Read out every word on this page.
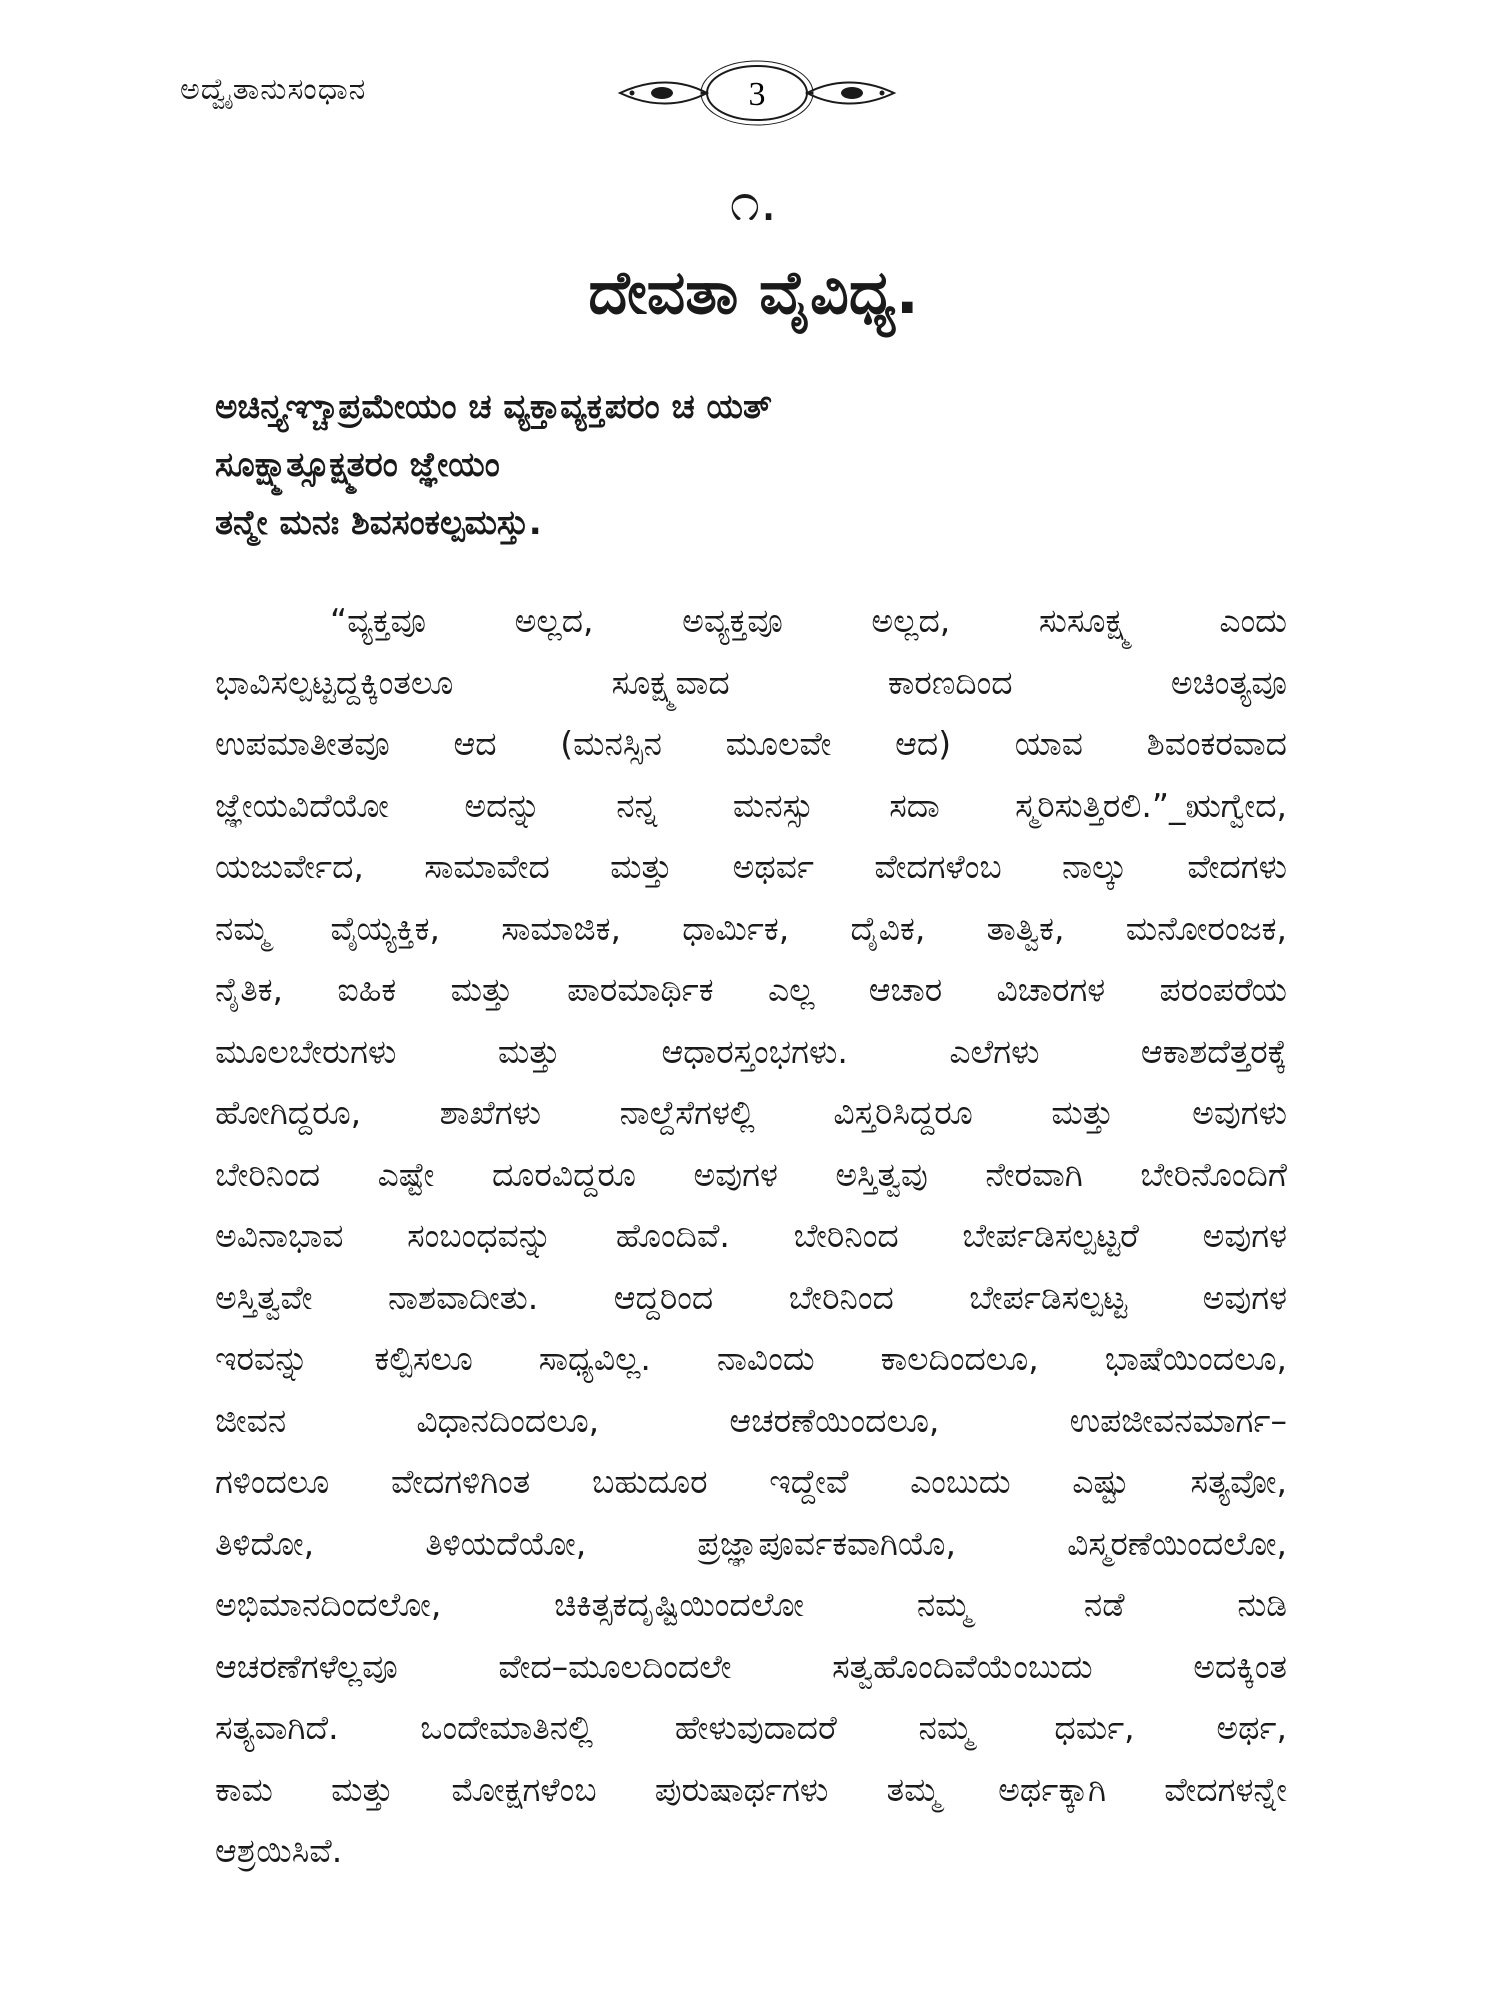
ಅದ್ವೈತಾನುಸಂಧಾನ	3
೧.
ದೇವತಾ ವೈವಿಧ್ಯ.
ಅಚಿನ್ತ್ಯಞ್ಚಾಪ್ರಮೇಯಂ ಚ ವ್ಯಕ್ತಾವ್ಯಕ್ತಪರಂ ಚ ಯತ್
ಸೂಕ್ಷ್ಮಾತ್ಸೂಕ್ಷ್ಮತರಂ ಜ್ಞೇಯಂ
ತನ್ಮೇ ಮನಃ ಶಿವಸಂಕಲ್ಪಮಸ್ತು.
“ವ್ಯಕ್ತವೂ ಅಲ್ಲದ, ಅವ್ಯಕ್ತವೂ ಅಲ್ಲದ, ಸುಸೂಕ್ಷ್ಮ ಎಂದು
ಭಾವಿಸಲ್ಪಟ್ಟದ್ದಕ್ಕಿಂತಲೂ ಸೂಕ್ಷ್ಮವಾದ ಕಾರಣದಿಂದ ಅಚಿಂತ್ಯವೂ
ಉಪಮಾತೀತವೂ ಆದ (ಮನಸ್ಸಿನ ಮೂಲವೇ ಆದ) ಯಾವ ಶಿವಂಕರವಾದ
ಜ್ಞೇಯವಿದೆಯೋ ಅದನ್ನು ನನ್ನ ಮನಸ್ಸು ಸದಾ ಸ್ಮರಿಸುತ್ತಿರಲಿ.”_ಋಗ್ವೇದ,
ಯಜುರ್ವೇದ, ಸಾಮಾವೇದ ಮತ್ತು ಅಥರ್ವ ವೇದಗಳೆಂಬ ನಾಲ್ಕು ವೇದಗಳು
ನಮ್ಮ ವೈಯ್ಯಕ್ತಿಕ, ಸಾಮಾಜಿಕ, ಧಾರ್ಮಿಕ, ದೈವಿಕ, ತಾತ್ವಿಕ, ಮನೋರಂಜಕ,
ನೈತಿಕ, ಐಹಿಕ ಮತ್ತು ಪಾರಮಾರ್ಥಿಕ ಎಲ್ಲ ಆಚಾರ ವಿಚಾರಗಳ ಪರಂಪರೆಯ
ಮೂಲಬೇರುಗಳು ಮತ್ತು ಆಧಾರಸ್ತಂಭಗಳು. ಎಲೆಗಳು ಆಕಾಶದೆತ್ತರಕ್ಕೆ
ಹೋಗಿದ್ದರೂ, ಶಾಖೆಗಳು ನಾಲ್ದೆಸೆಗಳಲ್ಲಿ ವಿಸ್ತರಿಸಿದ್ದರೂ ಮತ್ತು ಅವುಗಳು
ಬೇರಿನಿಂದ ಎಷ್ಟೇ ದೂರವಿದ್ದರೂ ಅವುಗಳ ಅಸ್ತಿತ್ವವು ನೇರವಾಗಿ ಬೇರಿನೊಂದಿಗೆ
ಅವಿನಾಭಾವ ಸಂಬಂಧವನ್ನು ಹೊಂದಿವೆ. ಬೇರಿನಿಂದ ಬೇರ್ಪಡಿಸಲ್ಪಟ್ಟರೆ ಅವುಗಳ
ಅಸ್ತಿತ್ವವೇ ನಾಶವಾದೀತು. ಆದ್ದರಿಂದ ಬೇರಿನಿಂದ ಬೇರ್ಪಡಿಸಲ್ಪಟ್ಟ ಅವುಗಳ
ಇರವನ್ನು ಕಲ್ಪಿಸಲೂ ಸಾಧ್ಯವಿಲ್ಲ. ನಾವಿಂದು ಕಾಲದಿಂದಲೂ, ಭಾಷೆಯಿಂದಲೂ,
ಜೀವನ ವಿಧಾನದಿಂದಲೂ, ಆಚರಣೆಯಿಂದಲೂ, ಉಪಜೀವನಮಾರ್ಗ–
ಗಳಿಂದಲೂ ವೇದಗಳಿಗಿಂತ ಬಹುದೂರ ಇದ್ದೇವೆ ಎಂಬುದು ಎಷ್ಟು ಸತ್ಯವೋ,
ತಿಳಿದೋ, ತಿಳಿಯದೆಯೋ, ಪ್ರಜ್ಞಾಪೂರ್ವಕವಾಗಿಯೊ, ವಿಸ್ಮರಣೆಯಿಂದಲೋ,
ಅಭಿಮಾನದಿಂದಲೋ, ಚಿಕಿತ್ಸಕದೃಷ್ಟಿಯಿಂದಲೋ ನಮ್ಮ ನಡೆ ನುಡಿ
ಆಚರಣೆಗಳೆಲ್ಲವೂ ವೇದ–ಮೂಲದಿಂದಲೇ ಸತ್ವಹೊಂದಿವೆಯೆಂಬುದು ಅದಕ್ಕಿಂತ
ಸತ್ಯವಾಗಿದೆ. ಒಂದೇಮಾತಿನಲ್ಲಿ ಹೇಳುವುದಾದರೆ ನಮ್ಮ ಧರ್ಮ, ಅರ್ಥ,
ಕಾಮ ಮತ್ತು ಮೋಕ್ಷಗಳೆಂಬ ಪುರುಷಾರ್ಥಗಳು ತಮ್ಮ ಅರ್ಥಕ್ಕಾಗಿ ವೇದಗಳನ್ನೇ
ಆಶ್ರಯಿಸಿವೆ.
